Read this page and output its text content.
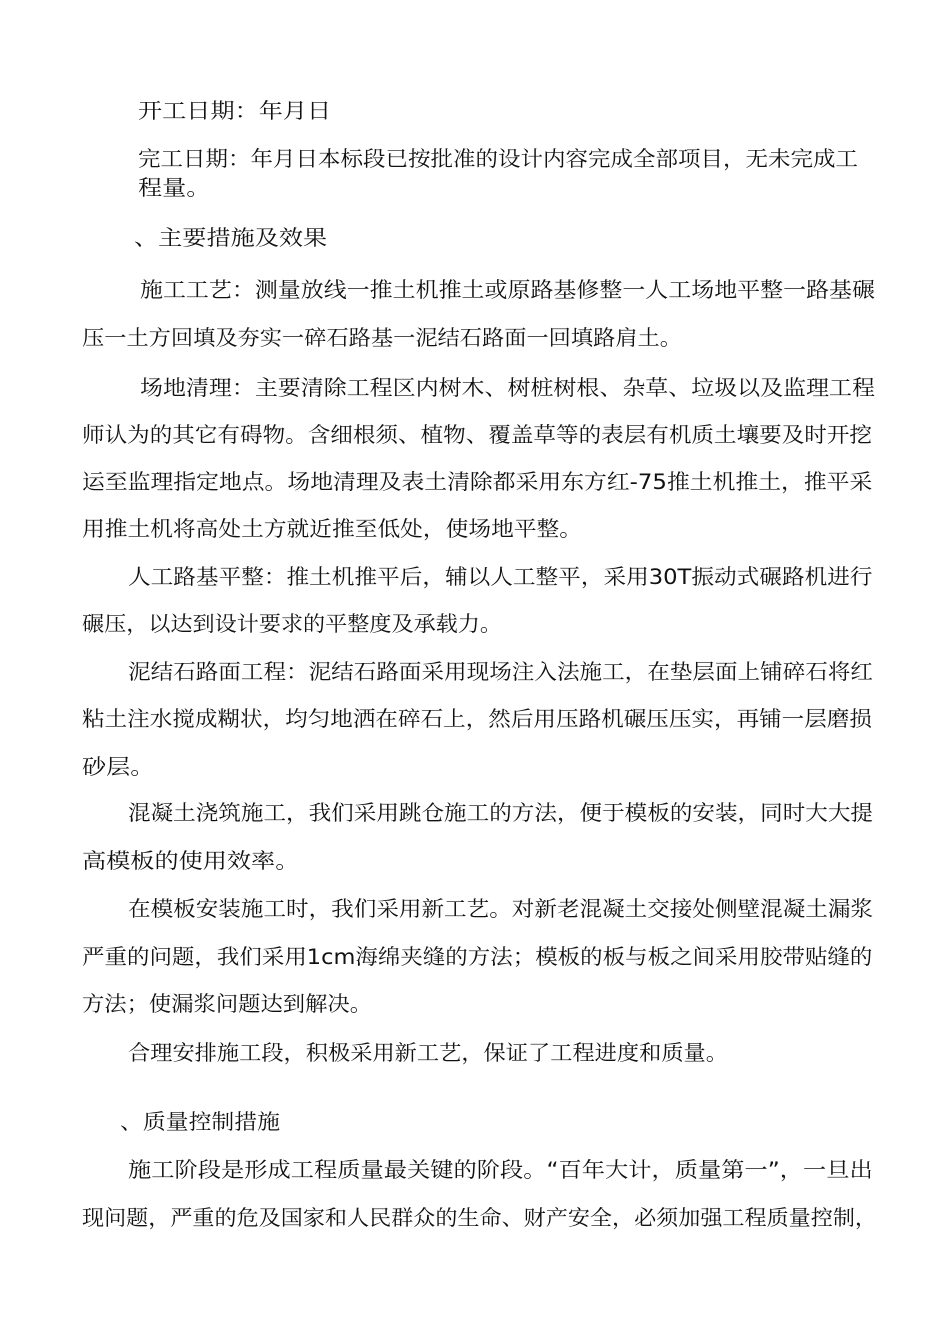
开工日期：年月日
完工日期：年月日本标段已按批准的设计内容完成全部项目，无未完成工
程量。
、主要措施及效果
施工工艺：测量放线一推土机推土或原路基修整一人工场地平整一路基碾
压一土方回填及夯实一碎石路基一泥结石路面一回填路肩土。
场地清理：主要清除工程区内树木、树桩树根、杂草、垃圾以及监理工程
师认为的其它有碍物。含细根须、植物、覆盖草等的表层有机质土壤要及时开挖
运至监理指定地点。场地清理及表土清除都采用东方红-75推土机推土，推平采
用推土机将高处土方就近推至低处，使场地平整。
人工路基平整：推土机推平后，辅以人工整平，采用30T振动式碾路机进行
碾压，以达到设计要求的平整度及承载力。
泥结石路面工程：泥结石路面采用现场注入法施工，在垫层面上铺碎石将红
粘土注水搅成糊状，均匀地洒在碎石上，然后用压路机碾压压实，再铺一层磨损
砂层。
混凝土浇筑施工，我们采用跳仓施工的方法，便于模板的安装，同时大大提
高模板的使用效率。
在模板安装施工时，我们采用新工艺。对新老混凝土交接处侧壁混凝土漏浆
严重的问题，我们采用1cm海绵夹缝的方法；模板的板与板之间采用胶带贴缝的
方法；使漏浆问题达到解决。
合理安排施工段，积极采用新工艺，保证了工程进度和质量。
、质量控制措施
施工阶段是形成工程质量最关键的阶段。“百年大计，质量第一”，一旦出
现问题，严重的危及国家和人民群众的生命、财产安全，必须加强工程质量控制，
